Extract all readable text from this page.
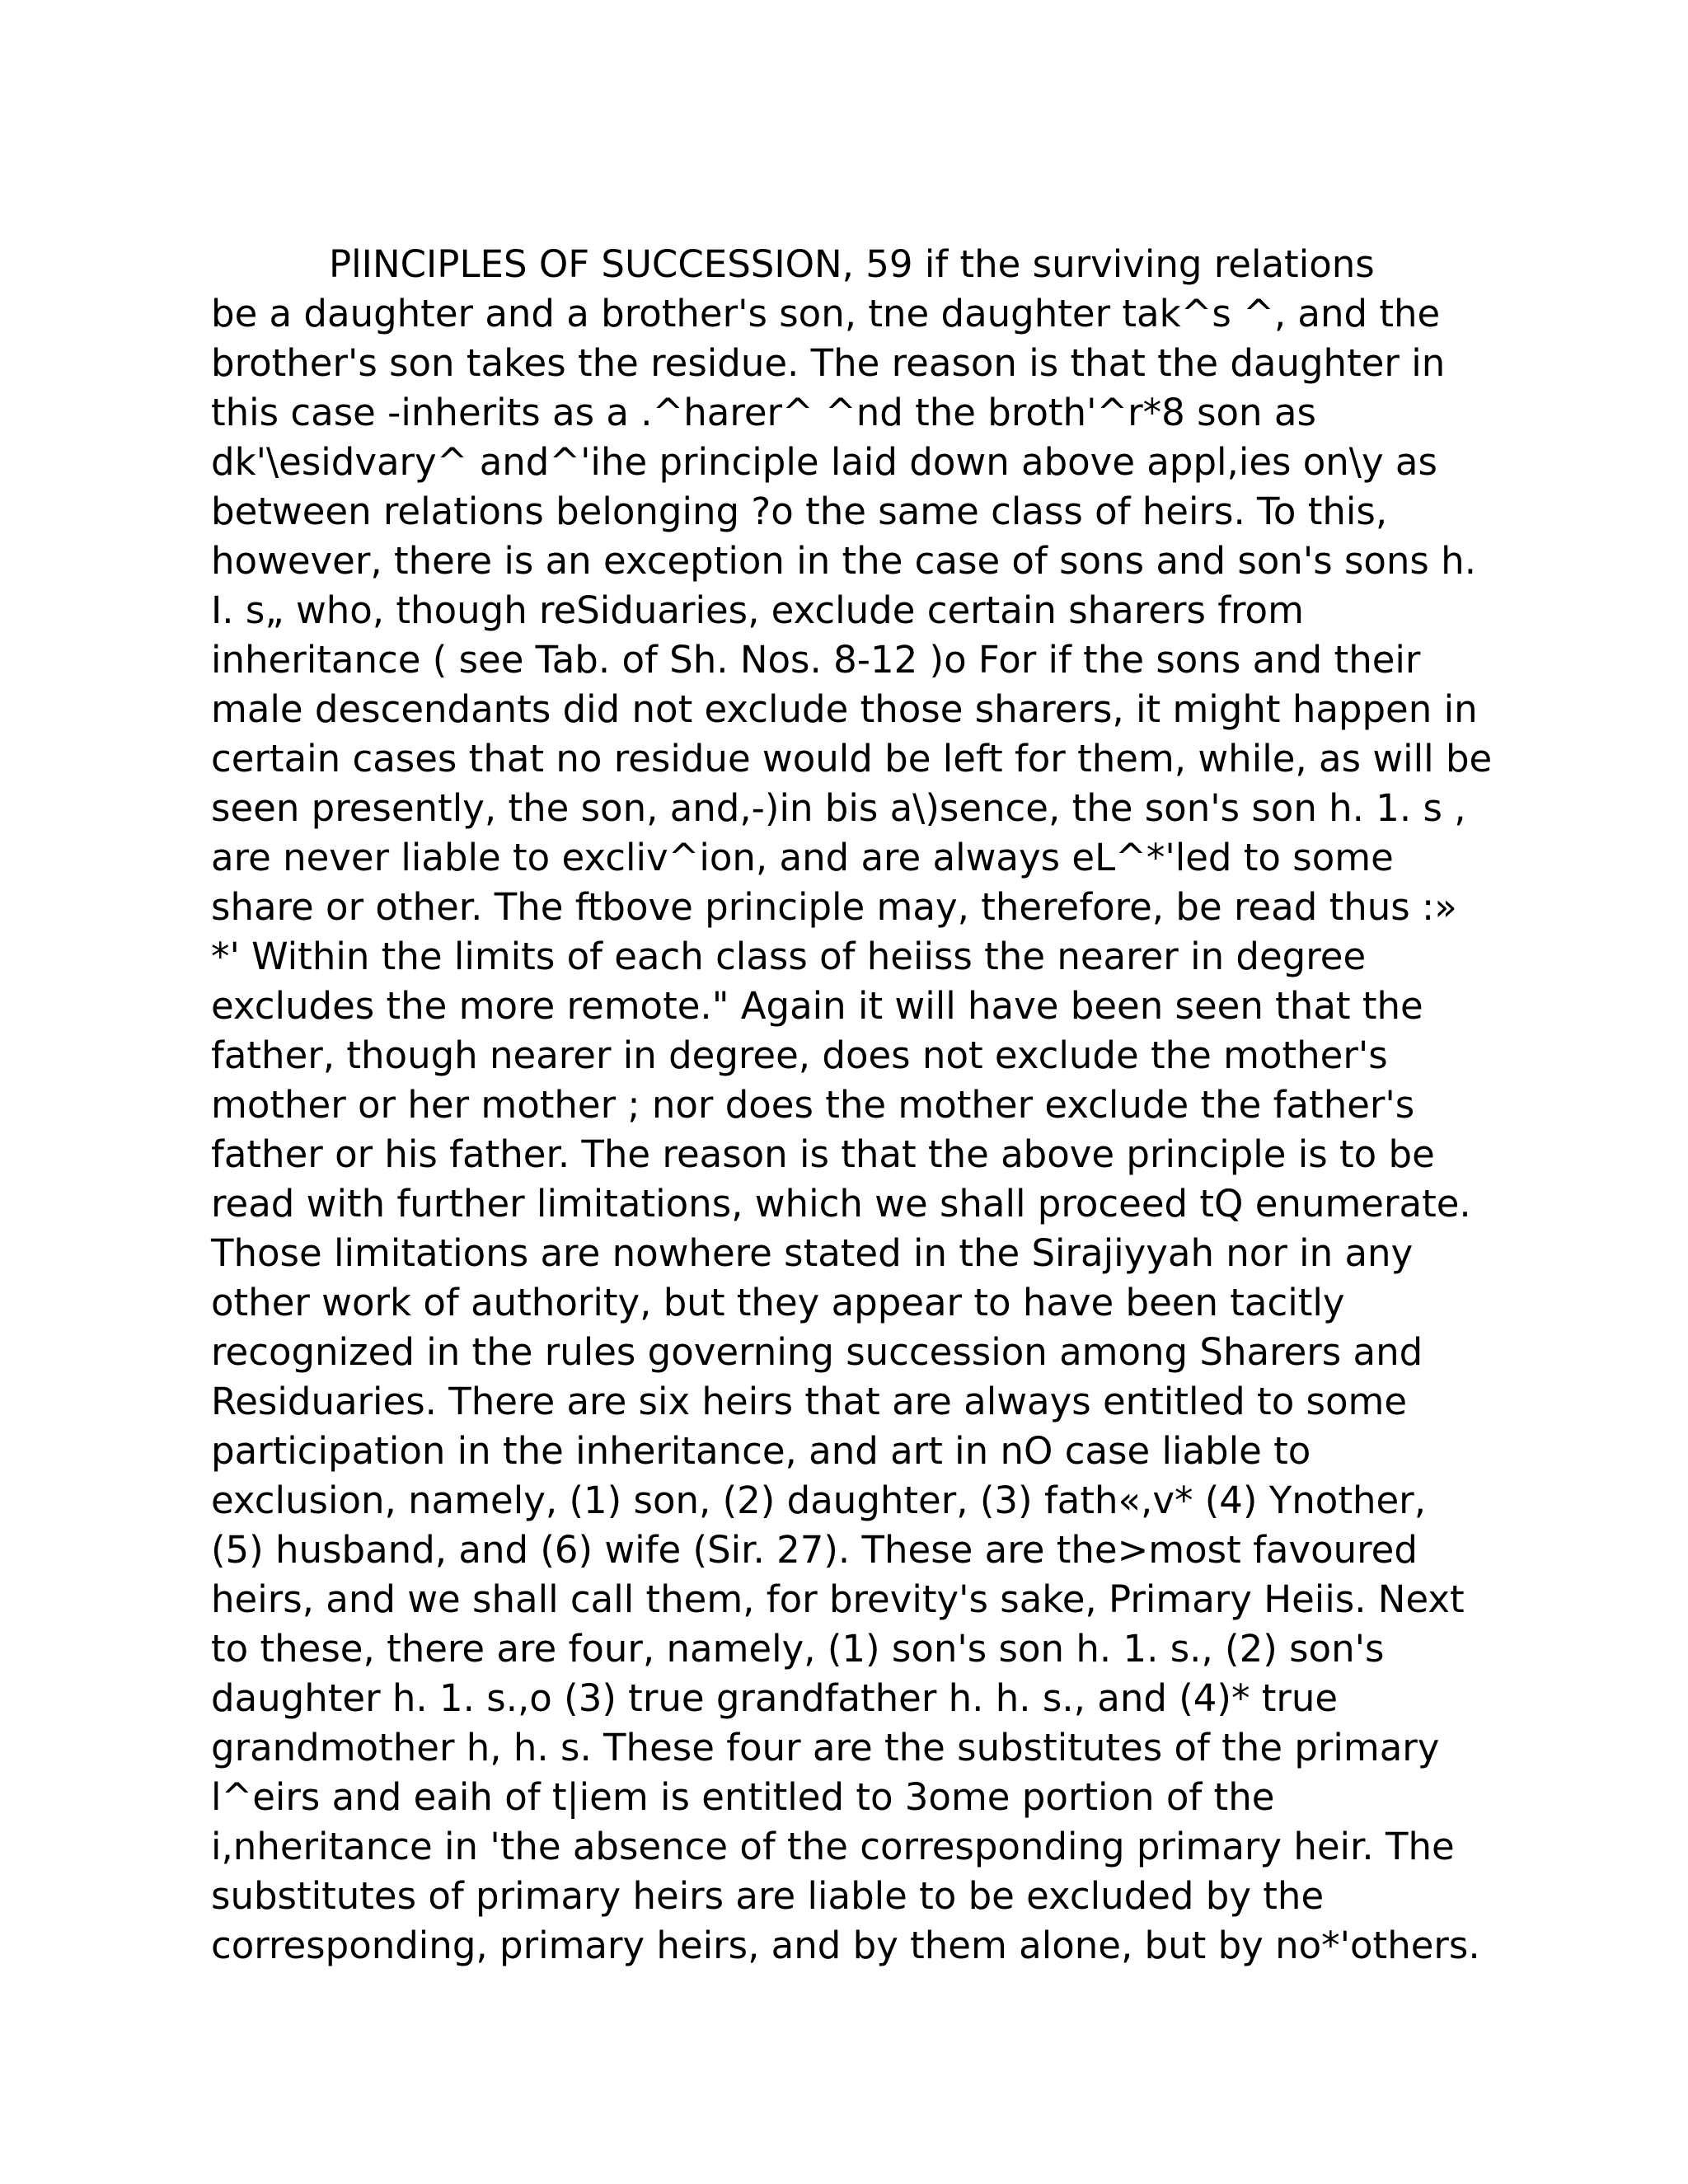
PlINCIPLES OF SUCCESSION, 59 if the surviving relations
be a daughter and a brother's son, tne daughter tak^s ^, and the
brother's son takes the residue. The reason is that the daughter in
this case -inherits as a .^harer^ ^nd the broth'^r*8 son as
dk'\esidvary^ and^'ihe principle laid down above appl,ies on\y as
between relations belonging ?o the same class of heirs. To this,
however, there is an exception in the case of sons and son's sons h.
I. s„ who, though reSiduaries, exclude certain sharers from
inheritance ( see Tab. of Sh. Nos. 8-12 )o For if the sons and their
male descendants did not exclude those sharers, it might happen in
certain cases that no residue would be left for them, while, as will be
seen presently, the son, and,-)in bis a\)sence, the son's son h. 1. s ,
are never liable to excliv^ion, and are always eL^*'led to some
share or other. The ftbove principle may, therefore, be read thus :»
*' Within the limits of each class of heiiss the nearer in degree
excludes the more remote." Again it will have been seen that the
father, though nearer in degree, does not exclude the mother's
mother or her mother ; nor does the mother exclude the father's
father or his father. The reason is that the above principle is to be
read with further limitations, which we shall proceed tQ enumerate.
Those limitations are nowhere stated in the Sirajiyyah nor in any
other work of authority, but they appear to have been tacitly
recognized in the rules governing succession among Sharers and
Residuaries. There are six heirs that are always entitled to some
participation in the inheritance, and art in nO case liable to
exclusion, namely, (1) son, (2) daughter, (3) fath«,v* (4) Ynother,
(5) husband, and (6) wife (Sir. 27). These are the>most favoured
heirs, and we shall call them, for brevity's sake, Primary Heiis. Next
to these, there are four, namely, (1) son's son h. 1. s., (2) son's
daughter h. 1. s.,o (3) true grandfather h. h. s., and (4)* true
grandmother h, h. s. These four are the substitutes of the primary
l^eirs and eaih of t|iem is entitled to 3ome portion of the
i,nheritance in 'the absence of the corresponding primary heir. The
substitutes of primary heirs are liable to be excluded by the
corresponding, primary heirs, and by them alone, but by no*'others.
